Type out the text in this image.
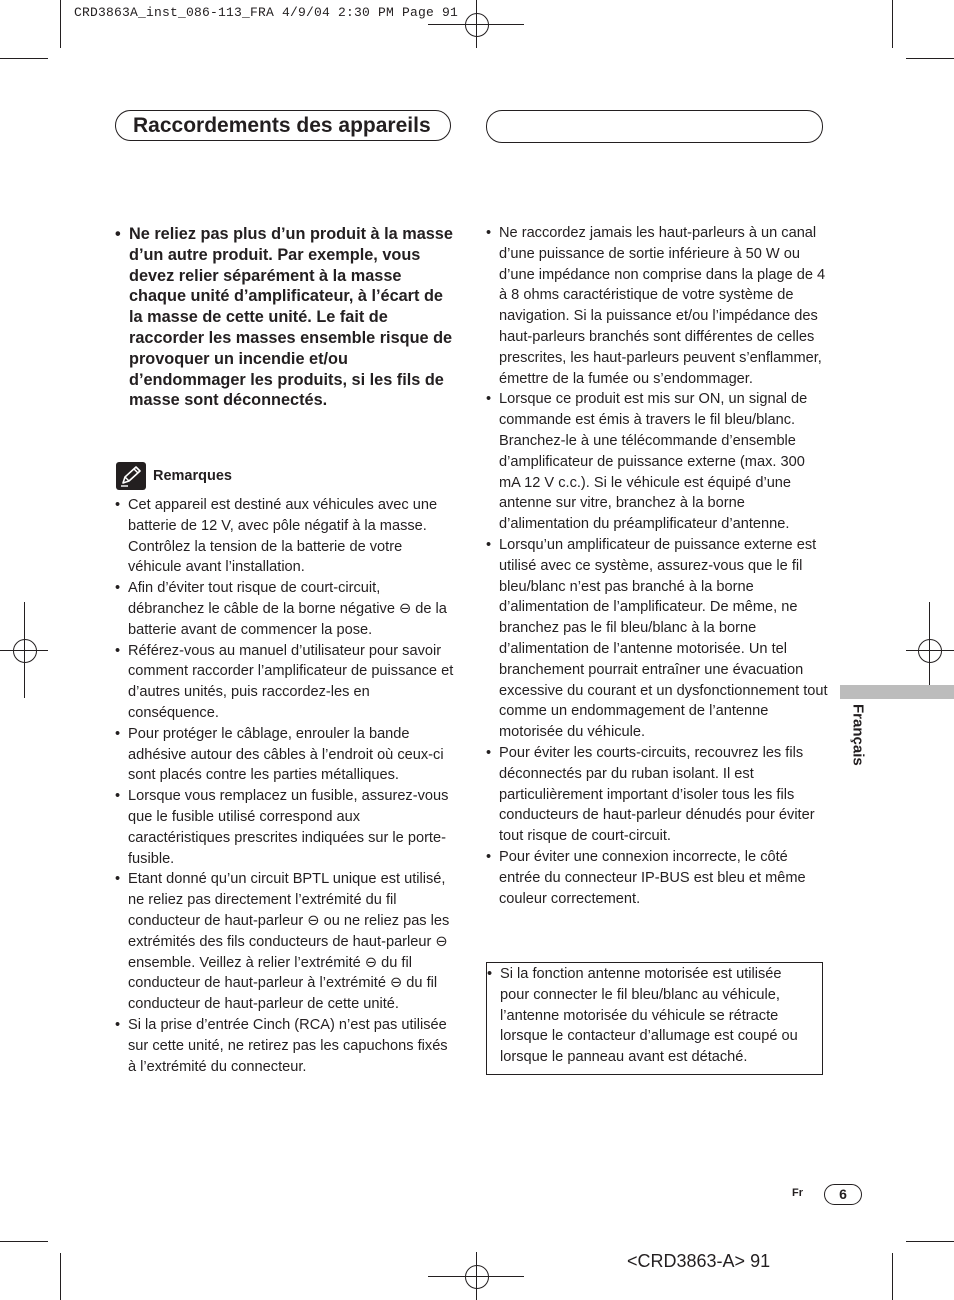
CRD3863A_inst_086-113_FRA 4/9/04 2:30 PM Page 91
Raccordements des appareils
• Ne reliez pas plus d’un produit à la masse d’un autre produit. Par exemple, vous devez relier séparément à la masse chaque unité d’amplificateur, à l’écart de la masse de cette unité. Le fait de raccorder les masses ensemble risque de provoquer un incendie et/ou d’endommager les produits, si les fils de masse sont déconnectés.
Remarques
• Cet appareil est destiné aux véhicules avec une batterie de 12 V, avec pôle négatif à la masse. Contrôlez la tension de la batterie de votre véhicule avant l’installation.
• Afin d’éviter tout risque de court-circuit, débranchez le câble de la borne négative ⊖ de la batterie avant de commencer la pose.
• Référez-vous au manuel d’utilisateur pour savoir comment raccorder l’amplificateur de puissance et d’autres unités, puis raccordez-les en conséquence.
• Pour protéger le câblage, enrouler la bande adhésive autour des câbles à l’endroit où ceux-ci sont placés contre les parties métalliques.
• Lorsque vous remplacez un fusible, assurez-vous que le fusible utilisé correspond aux caractéristiques prescrites indiquées sur le porte-fusible.
• Etant donné qu’un circuit BPTL unique est utilisé, ne reliez pas directement l’extrémité du fil conducteur de haut-parleur ⊖ ou ne reliez pas les extrémités des fils conducteurs de haut-parleur ⊖ ensemble. Veillez à relier l’extrémité ⊖ du fil conducteur de haut-parleur à l’extrémité ⊖ du fil conducteur de haut-parleur de cette unité.
• Si la prise d’entrée Cinch (RCA) n’est pas utilisée sur cette unité, ne retirez pas les capuchons fixés à l’extrémité du connecteur.
• Ne raccordez jamais les haut-parleurs à un canal d’une puissance de sortie inférieure à 50 W ou d’une impédance non comprise dans la plage de 4 à 8 ohms caractéristique de votre système de navigation. Si la puissance et/ou l’impédance des haut-parleurs branchés sont différentes de celles prescrites, les haut-parleurs peuvent s’enflammer, émettre de la fumée ou s’endommager.
• Lorsque ce produit est mis sur ON, un signal de commande est émis à travers le fil bleu/blanc. Branchez-le à une télécommande d’ensemble d’amplificateur de puissance externe (max. 300 mA 12 V c.c.). Si le véhicule est équipé d’une antenne sur vitre, branchez à la borne d’alimentation du préamplificateur d’antenne.
• Lorsqu’un amplificateur de puissance externe est utilisé avec ce système, assurez-vous que le fil bleu/blanc n’est pas branché à la borne d’alimentation de l’amplificateur. De même, ne branchez pas le fil bleu/blanc à la borne d’alimentation de l’antenne motorisée. Un tel branchement pourrait entraîner une évacuation excessive du courant et un dysfonctionnement tout comme un endommagement de l’antenne motorisée du véhicule.
• Pour éviter les courts-circuits, recouvrez les fils déconnectés par du ruban isolant. Il est particulièrement important d’isoler tous les fils conducteurs de haut-parleur dénudés pour éviter tout risque de court-circuit.
• Pour éviter une connexion incorrecte, le côté entrée du connecteur IP-BUS est bleu et même couleur correctement.
• Si la fonction antenne motorisée est utilisée pour connecter le fil bleu/blanc au véhicule, l’antenne motorisée du véhicule se rétracte lorsque le contacteur d’allumage est coupé ou lorsque le panneau avant est détaché.
Français
Fr	6
<CRD3863-A> 91
